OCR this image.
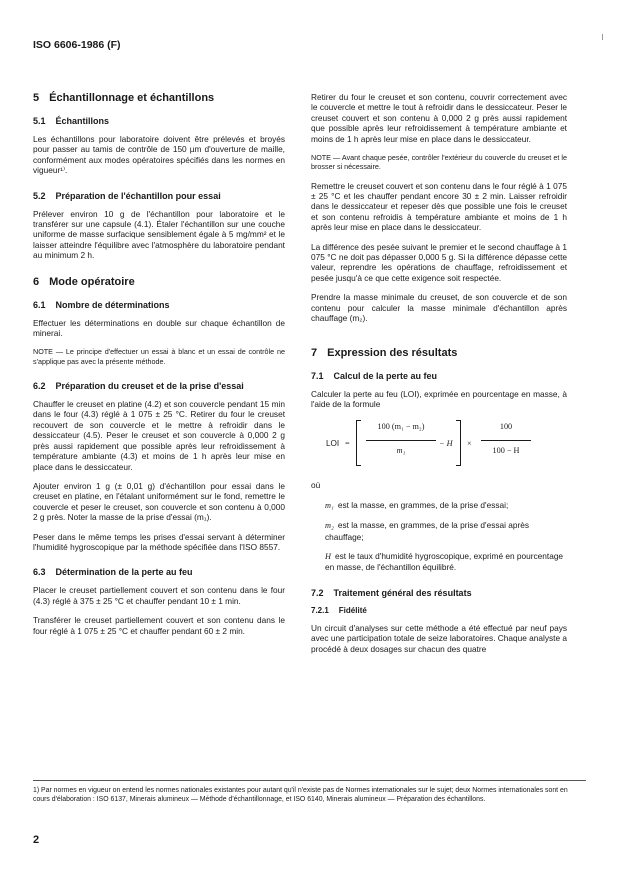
ISO 6606-1986 (F)
5 Échantillonnage et échantillons
5.1 Échantillons

Les échantillons pour laboratoire doivent être prélevés et broyés pour passer au tamis de contrôle de 150 µm d'ouverture de maille, conformément aux modes opératoires spécifiés dans les normes en vigueur¹⁾.

5.2 Préparation de l'échantillon pour essai

Prélever environ 10 g de l'échantillon pour laboratoire et le transférer sur une capsule (4.1). Étaler l'échantillon sur une couche uniforme de masse surfacique sensiblement égale à 5 mg/mm² et le laisser atteindre l'équilibre avec l'atmosphère du laboratoire pendant au minimum 2 h.

6 Mode opératoire
6.1 Nombre de déterminations

Effectuer les déterminations en double sur chaque échantillon de minerai.

NOTE — Le principe d'effectuer un essai à blanc et un essai de contrôle ne s'applique pas avec la présente méthode.

6.2 Préparation du creuset et de la prise d'essai

Chauffer le creuset en platine (4.2) et son couvercle pendant 15 min dans le four (4.3) réglé à 1 075 ± 25 °C. Retirer du four le creuset recouvert de son couvercle et le mettre à refroidir dans le dessiccateur (4.5). Peser le creuset et son couvercle à 0,000 2 g près aussi rapidement que possible après leur refroidissement à température ambiante (4.3) et moins de 1 h après leur mise en place dans le dessiccateur.

Ajouter environ 1 g (± 0,01 g) d'échantillon pour essai dans le creuset en platine, en l'étalant uniformément sur le fond, remettre le couvercle et peser le creuset, son couvercle et son contenu à 0,000 2 g près. Noter la masse de la prise d'essai (m₁).

Peser dans le même temps les prises d'essai servant à déterminer l'humidité hygroscopique par la méthode spécifiée dans l'ISO 8557.

6.3 Détermination de la perte au feu

Placer le creuset partiellement couvert et son contenu dans le four (4.3) réglé à 375 ± 25 °C et chauffer pendant 10 ± 1 min.

Transférer le creuset partiellement couvert et son contenu dans le four réglé à 1 075 ± 25 °C et chauffer pendant 60 ± 2 min.

Retirer du four le creuset et son contenu, couvrir correctement avec le couvercle et mettre le tout à refroidir dans le dessiccateur. Peser le creuset couvert et son contenu à 0,000 2 g près aussi rapidement que possible après leur refroidissement à température ambiante et moins de 1 h après leur mise en place dans le dessiccateur.

NOTE — Avant chaque pesée, contrôler l'extérieur du couvercle du creuset et le brosser si nécessaire.

Remettre le creuset couvert et son contenu dans le four réglé à 1 075 ± 25 °C et les chauffer pendant encore 30 ± 2 min. Laisser refroidir dans le dessiccateur et repeser dès que possible une fois le creuset et son contenu refroidis à température ambiante et moins de 1 h après leur mise en place dans le dessiccateur.

La différence des pesée suivant le premier et le second chauffage à 1 075 °C ne doit pas dépasser 0,000 5 g. Si la différence dépasse cette valeur, reprendre les opérations de chauffage, refroidissement et pesée jusqu'à ce que cette exigence soit respectée.

Prendre la masse minimale du creuset, de son couvercle et de son contenu pour calculer la masse minimale d'échantillon après chauffage (m₂).

7 Expression des résultats
7.1 Calcul de la perte au feu

Calculer la perte au feu (LOI), exprimée en pourcentage en masse, à l'aide de la formule

LOI =
100 (m₁ − m₂)
m₁
− H ×
100
100 − H

où

m₁ est la masse, en grammes, de la prise d'essai;

m₂ est la masse, en grammes, de la prise d'essai après chauffage;

H est le taux d'humidité hygroscopique, exprimé en pourcentage en masse, de l'échantillon équilibré.

7.2 Traitement général des résultats
7.2.1 Fidélité

Un circuit d'analyses sur cette méthode a été effectué par neuf pays avec une participation totale de seize laboratoires. Chaque analyste a procédé à deux dosages sur chacun des quatre

1) Par normes en vigueur on entend les normes nationales existantes pour autant qu'il n'existe pas de Normes internationales sur le sujet; deux Normes internationales sont en cours d'élaboration : ISO 6137, Minerais alumineux — Méthode d'échantillonnage, et ISO 6140, Minerais alumineux — Préparation des échantillons.
2
